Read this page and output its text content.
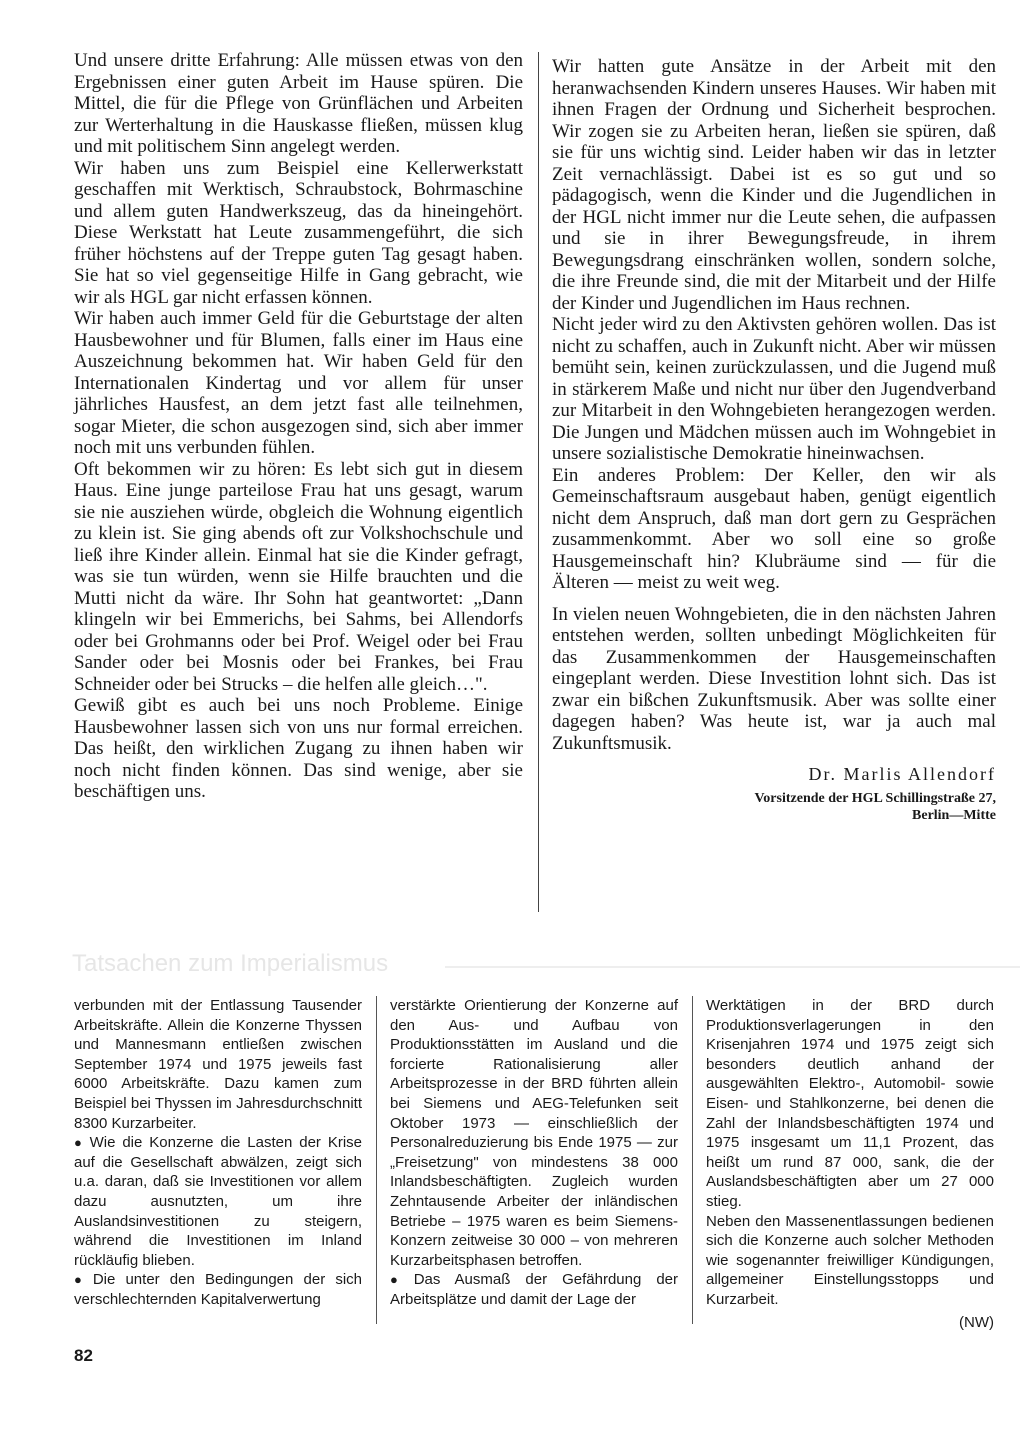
Und unsere dritte Erfahrung: Alle müssen etwas von den Ergebnissen einer guten Arbeit im Hause spüren. Die Mittel, die für die Pflege von Grünflächen und Arbeiten zur Werterhaltung in die Hauskasse fließen, müssen klug und mit politischem Sinn angelegt werden.

Wir haben uns zum Beispiel eine Kellerwerkstatt geschaffen mit Werktisch, Schraubstock, Bohrmaschine und allem guten Handwerkszeug, das da hineingehört. Diese Werkstatt hat Leute zusammengeführt, die sich früher höchstens auf der Treppe guten Tag gesagt haben. Sie hat so viel gegenseitige Hilfe in Gang gebracht, wie wir als HGL gar nicht erfassen können.

Wir haben auch immer Geld für die Geburtstage der alten Hausbewohner und für Blumen, falls einer im Haus eine Auszeichnung bekommen hat. Wir haben Geld für den Internationalen Kindertag und vor allem für unser jährliches Hausfest, an dem jetzt fast alle teilnehmen, sogar Mieter, die schon ausgezogen sind, sich aber immer noch mit uns verbunden fühlen.

Oft bekommen wir zu hören: Es lebt sich gut in diesem Haus. Eine junge parteilose Frau hat uns gesagt, warum sie nie ausziehen würde, obgleich die Wohnung eigentlich zu klein ist. Sie ging abends oft zur Volkshochschule und ließ ihre Kinder allein. Einmal hat sie die Kinder gefragt, was sie tun würden, wenn sie Hilfe brauchten und die Mutti nicht da wäre. Ihr Sohn hat geantwortet: „Dann klingeln wir bei Emmerichs, bei Sahms, bei Allendorfs oder bei Grohmanns oder bei Prof. Weigel oder bei Frau Sander oder bei Mosnis oder bei Frankes, bei Frau Schneider oder bei Strucks – die helfen alle gleich…".

Gewiß gibt es auch bei uns noch Probleme. Einige Hausbewohner lassen sich von uns nur formal erreichen. Das heißt, den wirklichen Zugang zu ihnen haben wir noch nicht finden können. Das sind wenige, aber sie beschäftigen uns.

Wir hatten gute Ansätze in der Arbeit mit den heranwachsenden Kindern unseres Hauses. Wir haben mit ihnen Fragen der Ordnung und Sicherheit besprochen. Wir zogen sie zu Arbeiten heran, ließen sie spüren, daß sie für uns wichtig sind. Leider haben wir das in letzter Zeit vernachlässigt. Dabei ist es so gut und so pädagogisch, wenn die Kinder und die Jugendlichen in der HGL nicht immer nur die Leute sehen, die aufpassen und sie in ihrer Bewegungsfreude, in ihrem Bewegungsdrang einschränken wollen, sondern solche, die ihre Freunde sind, die mit der Mitarbeit und der Hilfe der Kinder und Jugendlichen im Haus rechnen.

Nicht jeder wird zu den Aktivsten gehören wollen. Das ist nicht zu schaffen, auch in Zukunft nicht. Aber wir müssen bemüht sein, keinen zurückzulassen, und die Jugend muß in stärkerem Maße und nicht nur über den Jugendverband zur Mitarbeit in den Wohngebieten herangezogen werden. Die Jungen und Mädchen müssen auch im Wohngebiet in unsere sozialistische Demokratie hineinwachsen.

Ein anderes Problem: Der Keller, den wir als Gemeinschaftsraum ausgebaut haben, genügt eigentlich nicht dem Anspruch, daß man dort gern zu Gesprächen zusammenkommt. Aber wo soll eine so große Hausgemeinschaft hin? Klubräume sind — für die Älteren — meist zu weit weg.

In vielen neuen Wohngebieten, die in den nächsten Jahren entstehen werden, sollten unbedingt Möglichkeiten für das Zusammenkommen der Hausgemeinschaften eingeplant werden. Diese Investition lohnt sich. Das ist zwar ein bißchen Zukunftsmusik. Aber was sollte einer dagegen haben? Was heute ist, war ja auch mal Zukunftsmusik.

Dr. Marlis Allendorf
Vorsitzende der HGL Schillingstraße 27,
Berlin—Mitte
Tatsachen zum Imperialismus

verbunden mit der Entlassung Tausender Arbeitskräfte. Allein die Konzerne Thyssen und Mannesmann entließen zwischen September 1974 und 1975 jeweils fast 6000 Arbeitskräfte. Dazu kamen zum Beispiel bei Thyssen im Jahresdurchschnitt 8300 Kurzarbeiter.

● Wie die Konzerne die Lasten der Krise auf die Gesellschaft abwälzen, zeigt sich u.a. daran, daß sie Investitionen vor allem dazu ausnutzten, um ihre Auslandsinvestitionen zu steigern, während die Investitionen im Inland rückläufig blieben.

● Die unter den Bedingungen der sich verschlechternden Kapitalverwertung

verstärkte Orientierung der Konzerne auf den Aus- und Aufbau von Produktionsstätten im Ausland und die forcierte Rationalisierung aller Arbeitsprozesse in der BRD führten allein bei Siemens und AEG-Telefunken seit Oktober 1973 — einschließlich der Personalreduzierung bis Ende 1975 — zur „Freisetzung" von mindestens 38 000 Inlandsbeschäftigten. Zugleich wurden Zehntausende Arbeiter der inländischen Betriebe – 1975 waren es beim Siemens-Konzern zeitweise 30 000 – von mehreren Kurzarbeitsphasen betroffen.

● Das Ausmaß der Gefährdung der Arbeitsplätze und damit der Lage der

Werktätigen in der BRD durch Produktionsverlagerungen in den Krisenjahren 1974 und 1975 zeigt sich besonders deutlich anhand der ausgewählten Elektro-, Automobil- sowie Eisen- und Stahlkonzerne, bei denen die Zahl der Inlandsbeschäftigten 1974 und 1975 insgesamt um 11,1 Prozent, das heißt um rund 87 000, sank, die der Auslandsbeschäftigten aber um 27 000 stieg.

Neben den Massenentlassungen bedienen sich die Konzerne auch solcher Methoden wie sogenannter freiwilliger Kündigungen, allgemeiner Einstellungsstopps und Kurzarbeit.

(NW)
82
